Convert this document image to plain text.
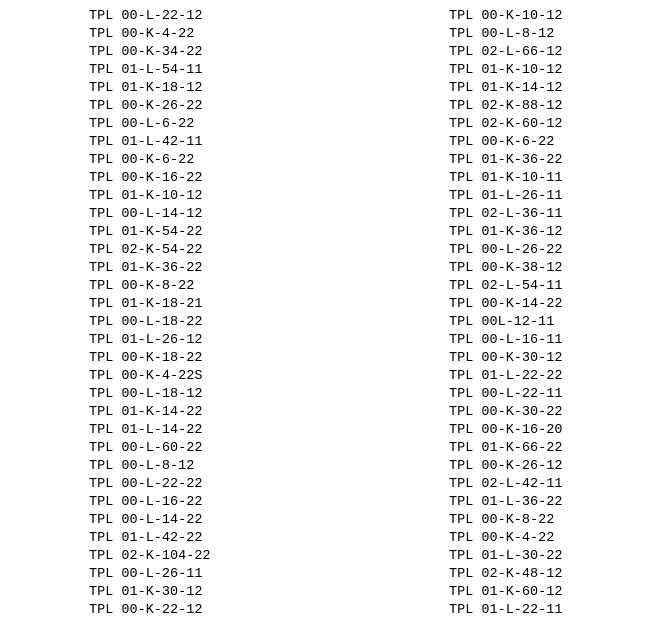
TPL 00-L-22-12
TPL 00-K-4-22
TPL 00-K-34-22
TPL 01-L-54-11
TPL 01-K-18-12
TPL 00-K-26-22
TPL 00-L-6-22
TPL 01-L-42-11
TPL 00-K-6-22
TPL 00-K-16-22
TPL 01-K-10-12
TPL 00-L-14-12
TPL 01-K-54-22
TPL 02-K-54-22
TPL 01-K-36-22
TPL 00-K-8-22
TPL 01-K-18-21
TPL 00-L-18-22
TPL 01-L-26-12
TPL 00-K-18-22
TPL 00-K-4-22S
TPL 00-L-18-12
TPL 01-K-14-22
TPL 01-L-14-22
TPL 00-L-60-22
TPL 00-L-8-12
TPL 00-L-22-22
TPL 00-L-16-22
TPL 00-L-14-22
TPL 01-L-42-22
TPL 02-K-104-22
TPL 00-L-26-11
TPL 01-K-30-12
TPL 00-K-22-12
TPL 00-K-10-12
TPL 00-L-8-12
TPL 02-L-66-12
TPL 01-K-10-12
TPL 01-K-14-12
TPL 02-K-88-12
TPL 02-K-60-12
TPL 00-K-6-22
TPL 01-K-36-22
TPL 01-K-10-11
TPL 01-L-26-11
TPL 02-L-36-11
TPL 01-K-36-12
TPL 00-L-26-22
TPL 00-K-38-12
TPL 02-L-54-11
TPL 00-K-14-22
TPL 00L-12-11
TPL 00-L-16-11
TPL 00-K-30-12
TPL 01-L-22-22
TPL 00-L-22-11
TPL 00-K-30-22
TPL 00-K-16-20
TPL 01-K-66-22
TPL 00-K-26-12
TPL 02-L-42-11
TPL 01-L-36-22
TPL 00-K-8-22
TPL 00-K-4-22
TPL 01-L-30-22
TPL 02-K-48-12
TPL 01-K-60-12
TPL 01-L-22-11
